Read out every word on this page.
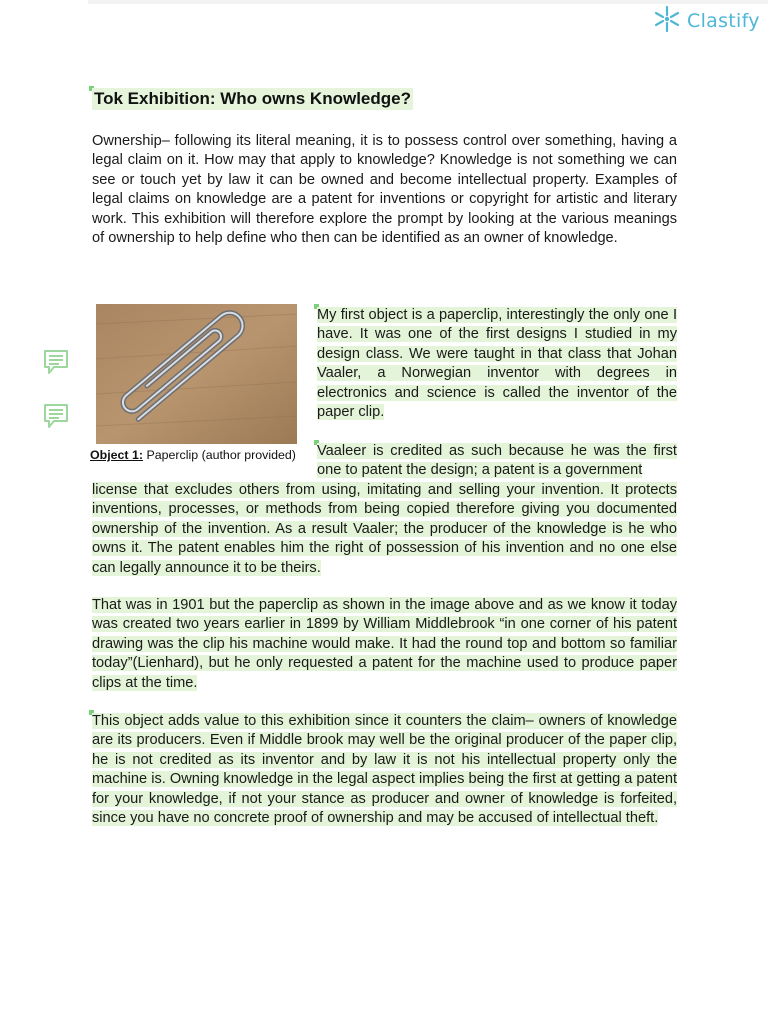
Clastify
Tok Exhibition: Who owns Knowledge?

Ownership– following its literal meaning, it is to possess control over something, having a legal claim on it. How may that apply to knowledge? Knowledge is not something we can see or touch yet by law it can be owned and become intellectual property. Examples of legal claims on knowledge are a patent for inventions or copyright for artistic and literary work. This exhibition will therefore explore the prompt by looking at the various meanings of ownership to help define who then can be identified as an owner of knowledge.

Object 1: Paperclip (author provided)

My first object is a paperclip, interestingly the only one I have. It was one of the first designs I studied in my design class. We were taught in that class that Johan Vaaler, a Norwegian inventor with degrees in electronics and science is called the inventor of the paper clip.

Vaaleer is credited as such because he was the first one to patent the design; a patent is a government

license that excludes others from using, imitating and selling your invention. It protects inventions, processes, or methods from being copied therefore giving you documented ownership of the invention. As a result Vaaler; the producer of the knowledge is he who owns it. The patent enables him the right of possession of his invention and no one else can legally announce it to be theirs.

That was in 1901 but the paperclip as shown in the image above and as we know it today was created two years earlier in 1899 by William Middlebrook “in one corner of his patent drawing was the clip his machine would make. It had the round top and bottom so familiar today”(Lienhard), but he only requested a patent for the machine used to produce paper clips at the time.

This object adds value to this exhibition since it counters the claim– owners of knowledge are its producers. Even if Middle brook may well be the original producer of the paper clip, he is not credited as its inventor and by law it is not his intellectual property only the machine is. Owning knowledge in the legal aspect implies being the first at getting a patent for your knowledge, if not your stance as producer and owner of knowledge is forfeited, since you have no concrete proof of ownership and may be accused of intellectual theft.
